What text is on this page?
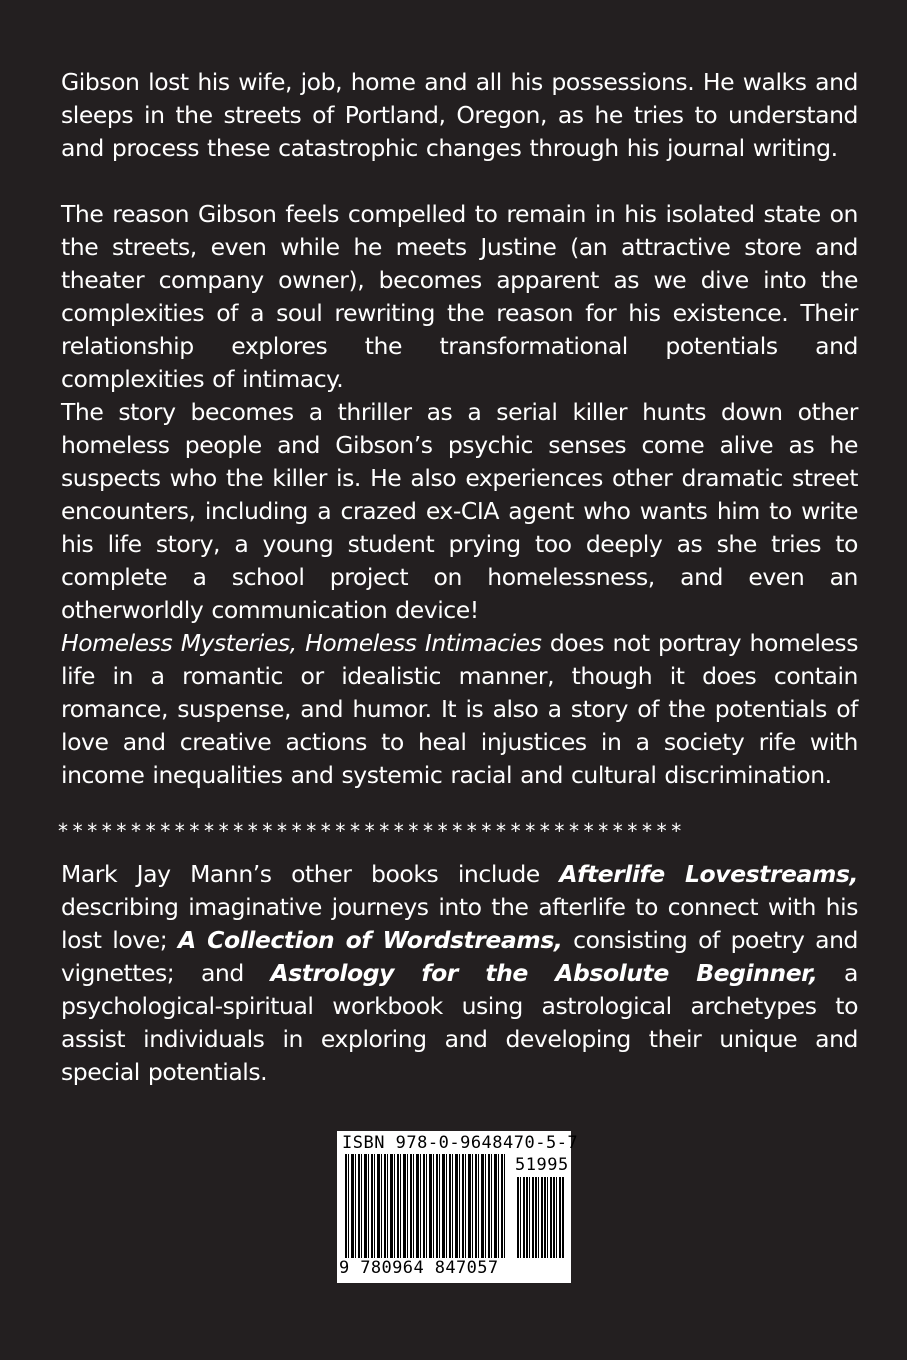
Gibson lost his wife, job, home and all his possessions. He walks and sleeps in the streets of Portland, Oregon, as he tries to understand and process these catastrophic changes through his journal writing.

The reason Gibson feels compelled to remain in his isolated state on the streets, even while he meets Justine (an attractive store and theater company owner), becomes apparent as we dive into the complexities of a soul rewriting the reason for his existence. Their relationship explores the transformational potentials and complexities of intimacy.

The story becomes a thriller as a serial killer hunts down other homeless people and Gibson’s psychic senses come alive as he suspects who the killer is. He also experiences other dramatic street encounters, including a crazed ex-CIA agent who wants him to write his life story, a young student prying too deeply as she tries to complete a school project on homelessness, and even an otherworldly communication device!

Homeless Mysteries, Homeless Intimacies does not portray homeless life in a romantic or idealistic manner, though it does contain romance, suspense, and humor. It is also a story of the potentials of love and creative actions to heal injustices in a society rife with income inequalities and systemic racial and cultural discrimination.

*******************************************

Mark Jay Mann’s other books include Afterlife Lovestreams, describing imaginative journeys into the afterlife to connect with his lost love; A Collection of Wordstreams, consisting of poetry and vignettes; and Astrology for the Absolute Beginner, a psychological-spiritual workbook using astrological archetypes to assist individuals in exploring and developing their unique and special potentials.

ISBN 978-0-9648470-5-7
51995
9 780964 847057
